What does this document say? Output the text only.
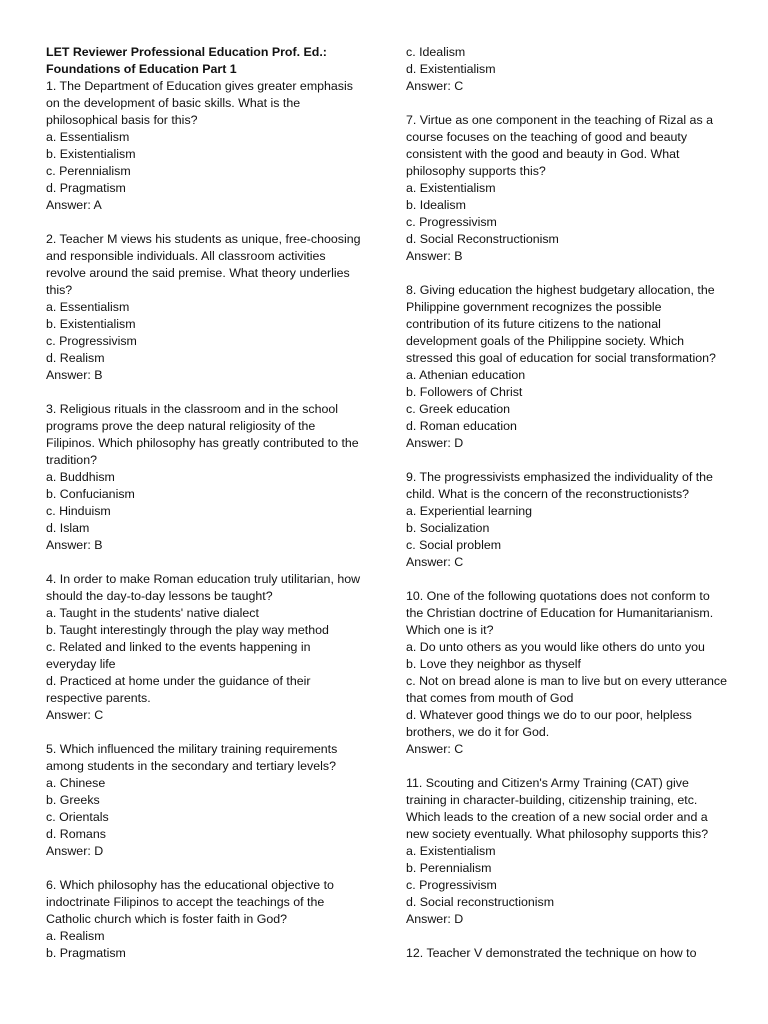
LET Reviewer Professional Education Prof. Ed.:
Foundations of Education Part 1
1. The Department of Education gives greater emphasis on the development of basic skills. What is the philosophical basis for this?
a. Essentialism
b. Existentialism
c. Perennialism
d. Pragmatism
Answer: A
2. Teacher M views his students as unique, free-choosing and responsible individuals. All classroom activities revolve around the said premise. What theory underlies this?
a. Essentialism
b. Existentialism
c. Progressivism
d. Realism
Answer: B
3. Religious rituals in the classroom and in the school programs prove the deep natural religiosity of the Filipinos. Which philosophy has greatly contributed to the tradition?
a. Buddhism
b. Confucianism
c. Hinduism
d. Islam
Answer: B
4. In order to make Roman education truly utilitarian, how should the day-to-day lessons be taught?
a. Taught in the students' native dialect
b. Taught interestingly through the play way method
c. Related and linked to the events happening in everyday life
d. Practiced at home under the guidance of their respective parents.
Answer: C
5. Which influenced the military training requirements among students in the secondary and tertiary levels?
a. Chinese
b. Greeks
c. Orientals
d. Romans
Answer: D
6. Which philosophy has the educational objective to indoctrinate Filipinos to accept the teachings of the Catholic church which is foster faith in God?
a. Realism
b. Pragmatism
c. Idealism
d. Existentialism
Answer: C
7. Virtue as one component in the teaching of Rizal as a course focuses on the teaching of good and beauty consistent with the good and beauty in God. What philosophy supports this?
a. Existentialism
b. Idealism
c. Progressivism
d. Social Reconstructionism
Answer: B
8. Giving education the highest budgetary allocation, the Philippine government recognizes the possible contribution of its future citizens to the national development goals of the Philippine society. Which stressed this goal of education for social transformation?
a. Athenian education
b. Followers of Christ
c. Greek education
d. Roman education
Answer: D
9. The progressivists emphasized the individuality of the child. What is the concern of the reconstructionists?
a. Experiential learning
b. Socialization
c. Social problem
Answer: C
10. One of the following quotations does not conform to the Christian doctrine of Education for Humanitarianism. Which one is it?
a. Do unto others as you would like others do unto you
b. Love they neighbor as thyself
c. Not on bread alone is man to live but on every utterance that comes from mouth of God
d. Whatever good things we do to our poor, helpless brothers, we do it for God.
Answer: C
11. Scouting and Citizen's Army Training (CAT) give training in character-building, citizenship training, etc. Which leads to the creation of a new social order and a new society eventually. What philosophy supports this?
a. Existentialism
b. Perennialism
c. Progressivism
d. Social reconstructionism
Answer: D
12. Teacher V demonstrated the technique on how to
